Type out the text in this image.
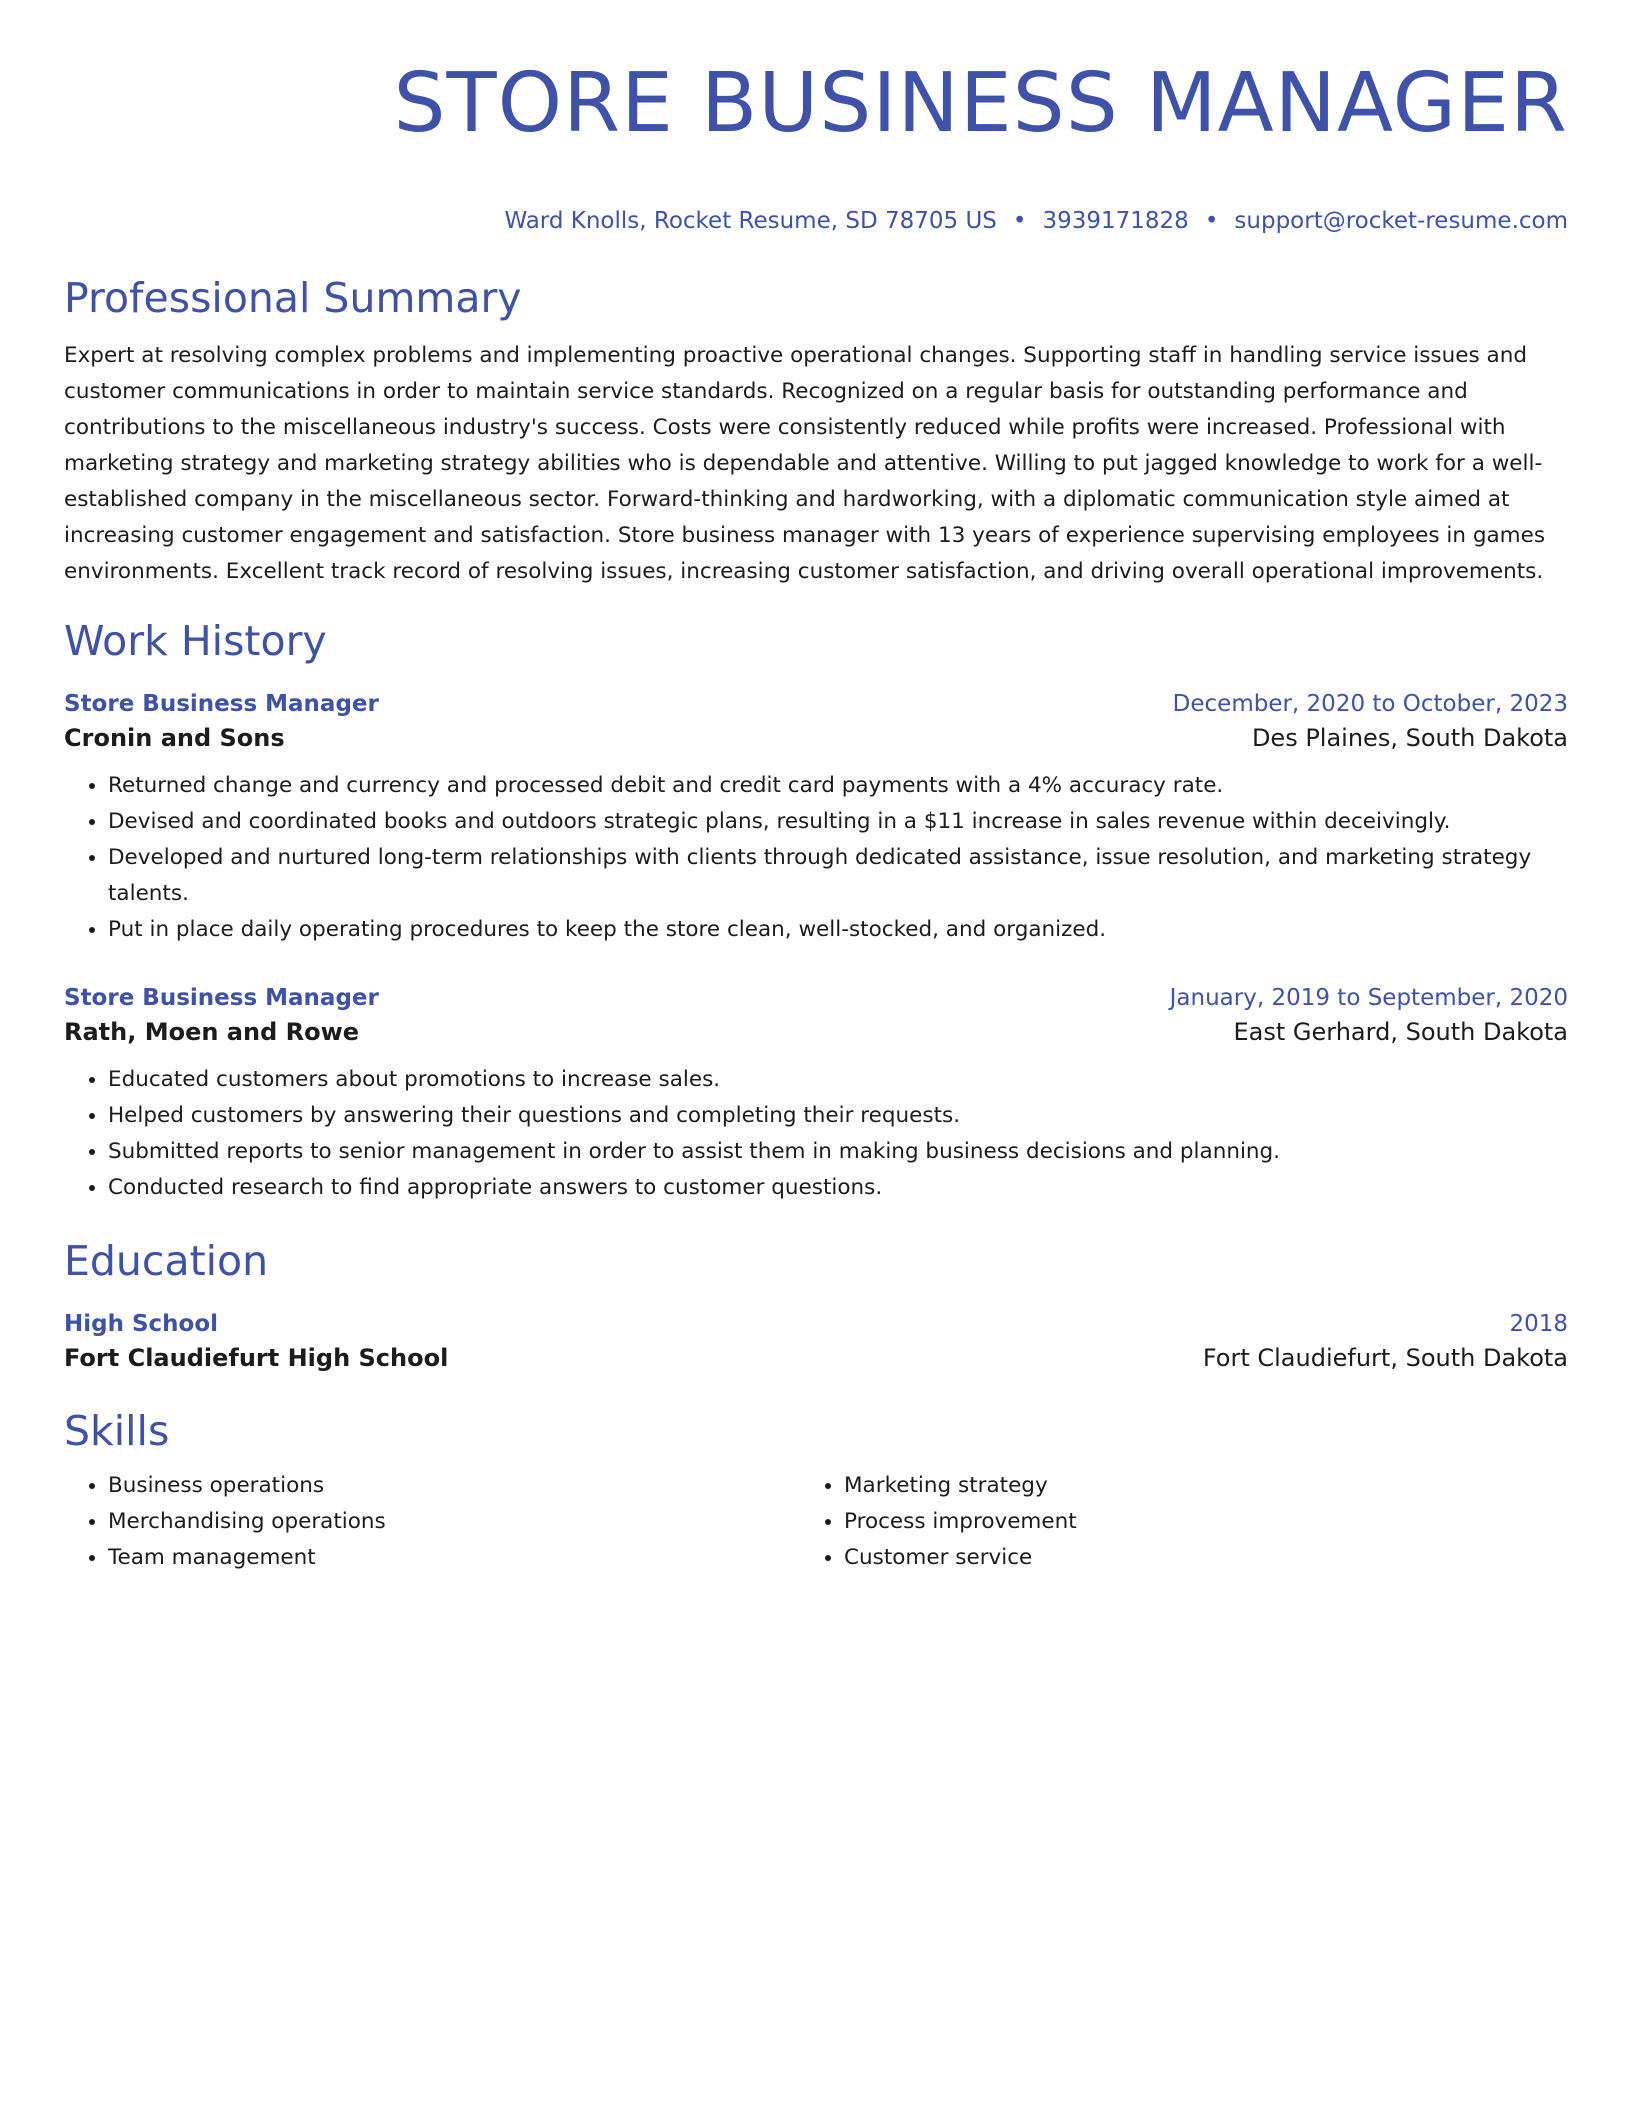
STORE BUSINESS MANAGER
Ward Knolls, Rocket Resume, SD 78705 US • 3939171828 • support@rocket-resume.com
Professional Summary
Expert at resolving complex problems and implementing proactive operational changes. Supporting staff in handling service issues and customer communications in order to maintain service standards. Recognized on a regular basis for outstanding performance and contributions to the miscellaneous industry's success. Costs were consistently reduced while profits were increased. Professional with marketing strategy and marketing strategy abilities who is dependable and attentive. Willing to put jagged knowledge to work for a well-established company in the miscellaneous sector. Forward-thinking and hardworking, with a diplomatic communication style aimed at increasing customer engagement and satisfaction. Store business manager with 13 years of experience supervising employees in games environments. Excellent track record of resolving issues, increasing customer satisfaction, and driving overall operational improvements.
Work History
Store Business Manager	December, 2020 to October, 2023
Cronin and Sons	Des Plaines, South Dakota
• Returned change and currency and processed debit and credit card payments with a 4% accuracy rate.
• Devised and coordinated books and outdoors strategic plans, resulting in a $11 increase in sales revenue within deceivingly.
• Developed and nurtured long-term relationships with clients through dedicated assistance, issue resolution, and marketing strategy talents.
• Put in place daily operating procedures to keep the store clean, well-stocked, and organized.
Store Business Manager	January, 2019 to September, 2020
Rath, Moen and Rowe	East Gerhard, South Dakota
• Educated customers about promotions to increase sales.
• Helped customers by answering their questions and completing their requests.
• Submitted reports to senior management in order to assist them in making business decisions and planning.
• Conducted research to find appropriate answers to customer questions.
Education
High School	2018
Fort Claudiefurt High School	Fort Claudiefurt, South Dakota
Skills
• Business operations
• Merchandising operations
• Team management
• Marketing strategy
• Process improvement
• Customer service
